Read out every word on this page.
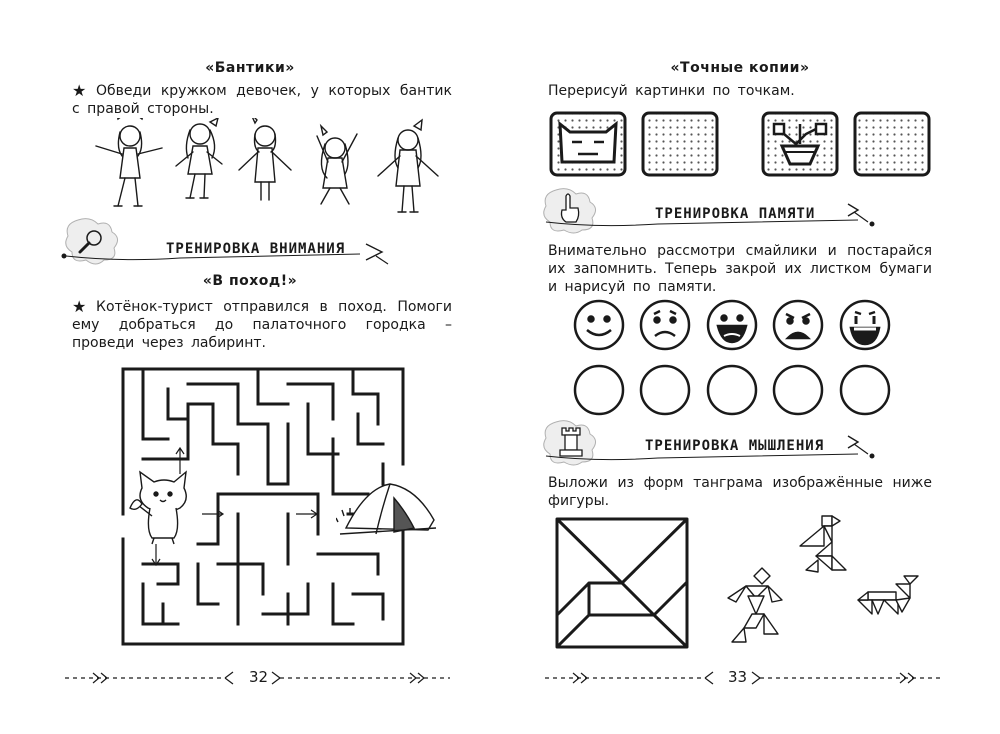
«Бантики»
★ Обведи кружком девочек, у которых бантик с правой стороны.
ТРЕНИРОВКА ВНИМАНИЯ
«В поход!»
★ Котёнок-турист отправился в поход. Помоги ему добраться до палаточного городка – проведи через лабиринт.
32
«Точные копии»
Перерисуй картинки по точкам.
ТРЕНИРОВКА ПАМЯТИ
Внимательно рассмотри смайлики и постарайся их запомнить. Теперь закрой их листком бумаги и нарисуй по памяти.
ТРЕНИРОВКА МЫШЛЕНИЯ
Выложи из форм танграма изображённые ниже фигуры.
33
